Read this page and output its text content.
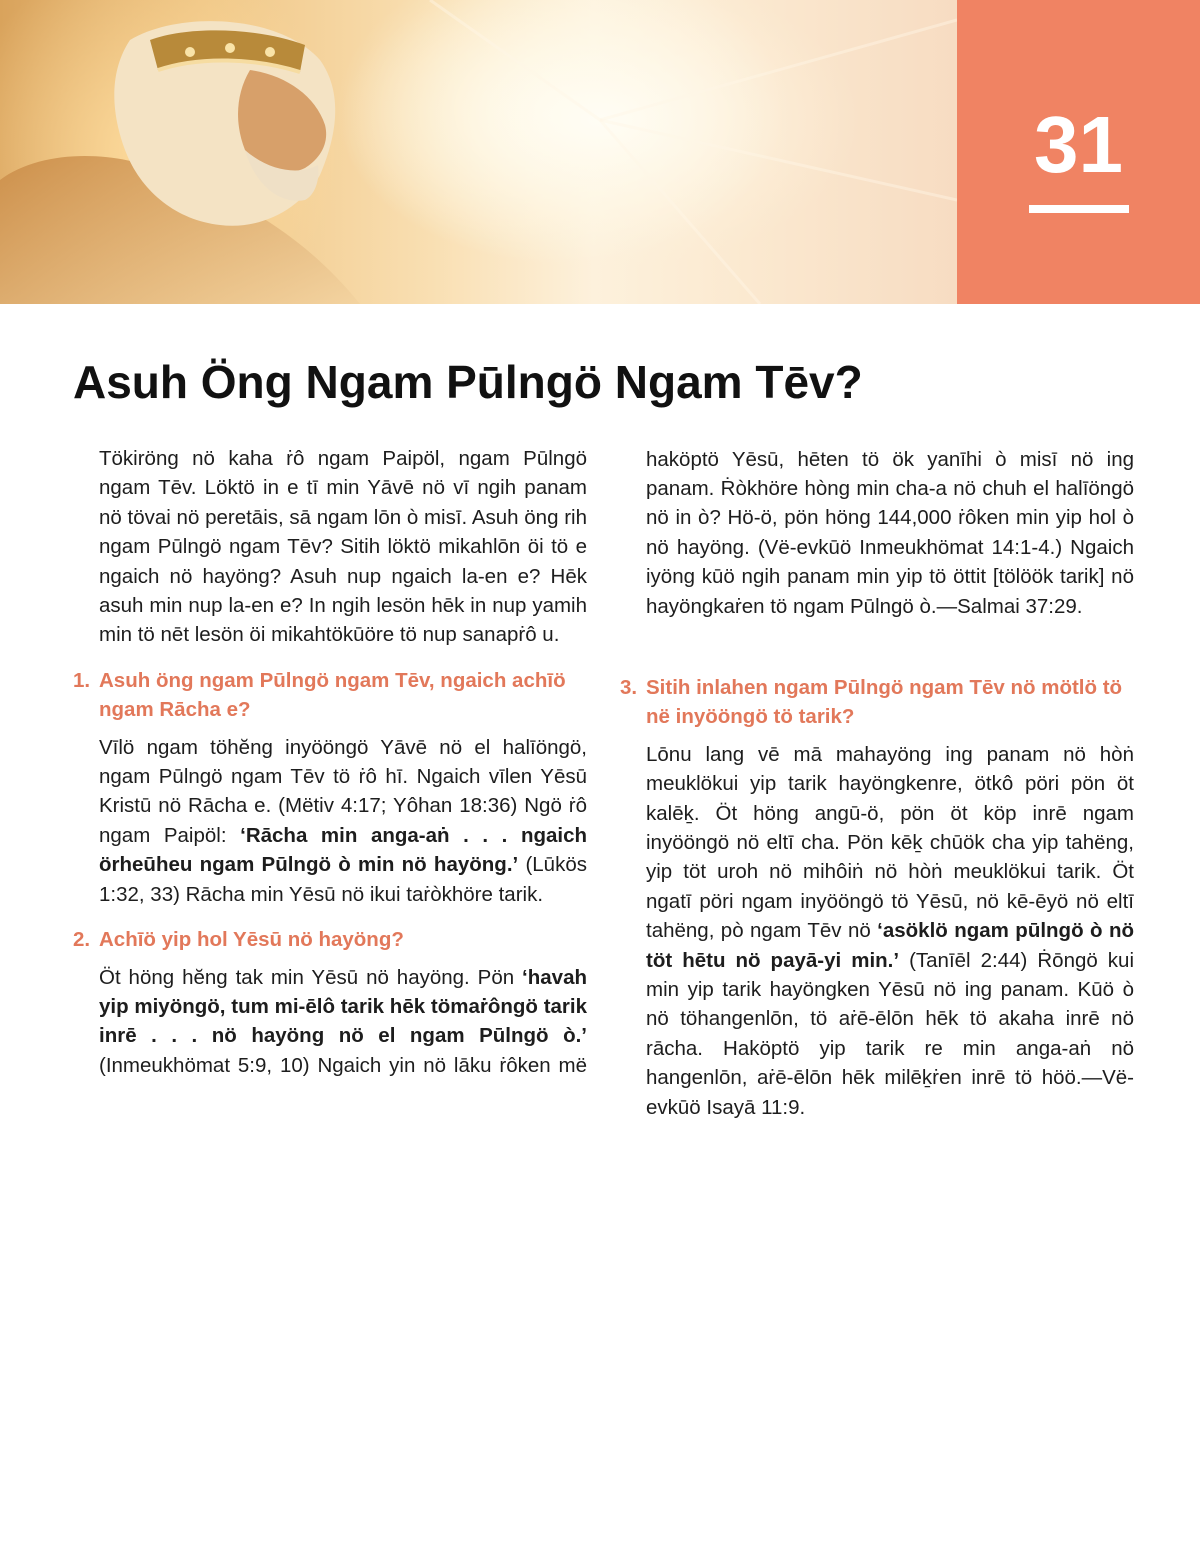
31
Asuh Öng Ngam Pūlngö Ngam Tēv?

Tökiröng nö kaha ṙô ngam Paipöl, ngam Pūlngö ngam Tēv. Löktö in e tī min Yāvē nö vī ngih panam nö tövai nö peretāis, sā ngam lōn ò misī. Asuh öng rih ngam Pūlngö ngam Tēv? Sitih löktö mikahlōn öi tö e ngaich nö hayöng? Asuh nup ngaich la-en e? Hēk asuh min nup la-en e? In ngih lesön hēk in nup yamih min tö nēt lesön öi mikahtökūöre tö nup sanapṙô u.

1. Asuh öng ngam Pūlngö ngam Tēv, ngaich achīö ngam Rācha e?

Vīlö ngam töhĕng inyööngö Yāvē nö el halīöngö, ngam Pūlngö ngam Tēv tö ṙô hī. Ngaich vīlen Yēsū Kristū nö Rācha e. (Mëtiv 4:17; Yôhan 18:36) Ngö ṙô ngam Paipöl: ‘Rācha min anga-aṅ . . . ngaich örheūheu ngam Pūlngö ò min nö hayöng.’ (Lūkös 1:32, 33) Rācha min Yēsū nö ikui taṙòkhöre tarik.

2. Achīö yip hol Yēsū nö hayöng?

Öt höng hĕng tak min Yēsū nö hayöng. Pön ‘havah yip miyöngö, tum mi-ēlô tarik hēk tömaṙôngö tarik inrē . . . nö hayöng nö el ngam Pūlngö ò.’ (Inmeukhömat 5:9, 10) Ngaich yin nö lāku ṙôken më

haköptö Yēsū, hēten tö ök yanīhi ò misī nö ing panam. Ṙòkhöre hòng min cha-a nö chuh el halīöngö nö in ò? Hö-ö, pön höng 144,000 ṙôken min yip hol ò nö hayöng. (Vë-evkūö Inmeukhömat 14:1-4.) Ngaich iyöng kūö ngih panam min yip tö öttit [tölöök tarik] nö hayöngkaṙen tö ngam Pūlngö ò.—Salmai 37:29.

3. Sitih inlahen ngam Pūlngö ngam Tēv nö mötlö tö në inyööngö tö tarik?

Lōnu lang vē mā mahayöng ing panam nö hòṅ meuklökui yip tarik hayöngkenre, ötkô pöri pön öt kalēḵ. Öt höng angū-ö, pön öt köp inrē ngam inyööngö nö eltī cha. Pön kēḵ chūök cha yip tahëng, yip töt uroh nö mihôiṅ nö hòṅ meuklökui tarik. Öt ngatī pöri ngam inyööngö tö Yēsū, nö kē-ēyö nö eltī tahëng, pò ngam Tēv nö ‘asöklö ngam pūlngö ò nö töt hētu nö payā-yi min.’ (Tanīēl 2:44) Ṙōngö kui min yip tarik hayöngken Yēsū nö ing panam. Kūö ò nö töhangenlōn, tö aṙē-ēlōn hēk tö akaha inrē nö rācha. Haköptö yip tarik re min anga-aṅ nö hangenlōn, aṙē-ēlōn hēk milēḵṙen inrē tö höö.—Vë-evkūö Isayā 11:9.
